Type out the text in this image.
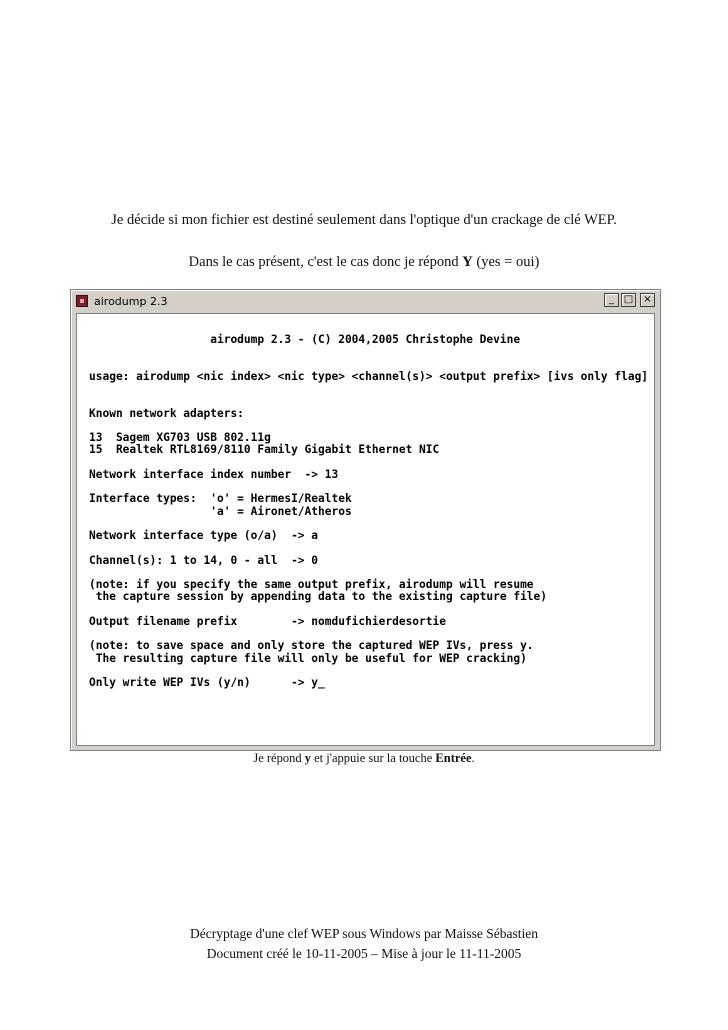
Je décide si mon fichier est destiné seulement dans l'optique d'un crackage de clé WEP.
Dans le cas présent, c'est le cas donc je répond Y (yes = oui)
airodump 2.3	_ □	×
airodump 2.3 - (C) 2004,2005 Christophe Devine
usage: airodump <nic index> <nic type> <channel(s)> <output prefix> [ivs only flag]
Known network adapters:
13  Sagem XG703 USB 802.11g
15  Realtek RTL8169/8110 Family Gigabit Ethernet NIC
Network interface index number  -> 13
Interface types:  'o' = HermesI/Realtek
'a' = Aironet/Atheros
Network interface type (o/a)  -> a
Channel(s): 1 to 14, 0 - all  -> 0
(note: if you specify the same output prefix, airodump will resume
the capture session by appending data to the existing capture file)
Output filename prefix        -> nomdufichierdesortie
(note: to save space and only store the captured WEP IVs, press y.
The resulting capture file will only be useful for WEP cracking)
Only write WEP IVs (y/n)      -> y_
Je répond y et j'appuie sur la touche Entrée.
Décryptage d'une clef WEP sous Windows par Maisse Sébastien
Document créé le 10-11-2005 – Mise à jour le 11-11-2005
